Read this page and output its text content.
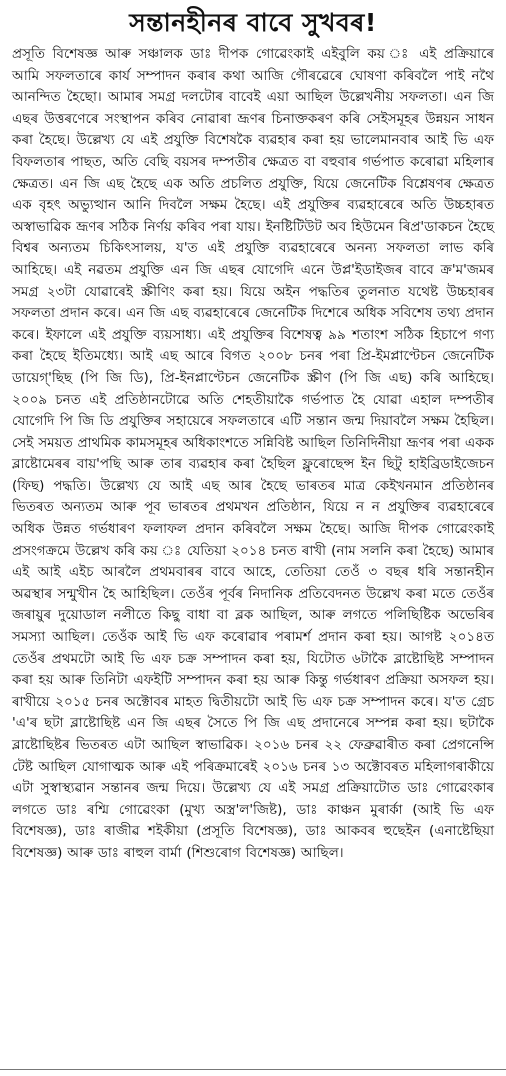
সন্তানহীনৰ বাবে সুখবৰ!

প্ৰসূতি বিশেষজ্ঞ আৰু সঞ্চালক ডাঃ দীপক গোৱেংকাই এইবুলি কয় ঃ এই প্ৰক্ৰিয়াৰে আমি সফলতাৰে কাৰ্য সম্পাদন কৰাৰ কথা আজি গৌৰৱেৰে ঘোষণা কৰিবলৈ পাই নথৈ আনন্দিত হৈছো। আমাৰ সমগ্ৰ দলটোৰ বাবেই এয়া আছিল উল্লেখনীয় সফলতা। এন জি এছৰ উত্তৰণেৰে সংস্থাপন কৰিব নোৱাৰা ভ্ৰূণৰ চিনাক্তকৰণ কৰি সেইসমূহৰ উন্নয়ন সাধন কৰা হৈছে। উল্লেখ্য যে এই প্ৰযুক্তি বিশেষকৈ ব্যৱহাৰ কৰা হয় ভালেমানবাৰ আই ভি এফ বিফলতাৰ পাছত, অতি বেছি বয়সৰ দম্পতীৰ ক্ষেত্ৰত বা বহুবাৰ গৰ্ভপাত কৰোৱা মহিলাৰ ক্ষেত্ৰত। এন জি এছ হৈছে এক অতি প্ৰচলিত প্ৰযুক্তি, যিয়ে জেনেটিক বিশ্লেষণৰ ক্ষেত্ৰত এক বৃহৎ অভ্যুত্থান আনি দিবলৈ সক্ষম হৈছে। এই প্ৰযুক্তিৰ ব্যৱহাৰেৰে অতি উচ্চহাৰত অস্বাভাৱিক ভ্ৰূণৰ সঠিক নিৰ্ণয় কৰিব পৰা যায়। ইনষ্টিটিউট অব হিউমেন ৰিপ্ৰ'ডাকচন হৈছে বিশ্বৰ অন্যতম চিকিৎসালয়, য'ত এই প্ৰযুক্তি ব্যৱহাৰেৰে অনন্য সফলতা লাভ কৰি আহিছে। এই নৱতম প্ৰযুক্তি এন জি এছৰ যোগেদি এনে উপ্ল'ইডাইজৰ বাবে ক্ৰ'ম'জমৰ সমগ্ৰ ২৩টা যোৱাৰেই স্ক্ৰীণিং কৰা হয়। যিয়ে অইন পদ্ধতিৰ তুলনাত যথেষ্ট উচ্চহাৰৰ সফলতা প্ৰদান কৰে। এন জি এছ ব্যৱহাৰেৰে জেনেটিক দিশেৰে অধিক সবিশেষ তথ্য প্ৰদান কৰে। ইফালে এই প্ৰযুক্তি ব্যয়সাধ্য। এই প্ৰযুক্তিৰ বিশেষত্ব ৯৯ শতাংশ সঠিক হিচাপে গণ্য কৰা হৈছে ইতিমধ্যে। আই এছ আৰে বিগত ২০০৮ চনৰ পৰা প্ৰি-ইমপ্লাণ্টেচন জেনেটিক ডায়েগ্'ছিছ (পি জি ডি), প্ৰি-ইনপ্লাণ্টেচন জেনেটিক স্ক্ৰীণ (পি জি এছ) কৰি আহিছে। ২০০৯ চনত এই প্ৰতিষ্ঠানটোৱে অতি শেহতীয়াকৈ গৰ্ভপাত হৈ যোৱা এহাল দম্পতীৰ যোগেদি পি জি ডি প্ৰযুক্তিৰ সহায়েৰে সফলতাৰে এটি সন্তান জন্ম দিয়াবলৈ সক্ষম হৈছিল। সেই সময়ত প্ৰাথমিক কামসমূহৰ অধিকাংশতে সন্নিবিষ্ট আছিল তিনিদিনীয়া ভ্ৰূণৰ পৰা একক ব্লাষ্টোমেৰৰ বায়'পছি আৰু তাৰ ব্যৱহাৰ কৰা হৈছিল ফ্লুৰোছেন্স ইন ছিটু হাইব্ৰিডাইজেচন (ফিছ) পদ্ধতি। উল্লেখ্য যে আই এছ আৰ হৈছে ভাৰতৰ মাত্ৰ কেইখনমান প্ৰতিষ্ঠানৰ ভিতৰত অন্যতম আৰু পূব ভাৰতৰ প্ৰথমখন প্ৰতিষ্ঠান, যিয়ে ন ন প্ৰযুক্তিৰ ব্যৱহাৰেৰে অধিক উন্নত গৰ্ভধাৰণ ফলাফল প্ৰদান কৰিবলৈ সক্ষম হৈছে। আজি দীপক গোৱেংকাই প্ৰসংগক্ৰমে উল্লেখ কৰি কয় ঃ যেতিয়া ২০১৪ চনত ৰাখী (নাম সলনি কৰা হৈছে) আমাৰ এই আই এইচ আৰলৈ প্ৰথমবাৰৰ বাবে আহে, তেতিয়া তেওঁ ৩ বছৰ ধৰি সন্তানহীন অৱস্থাৰ সন্মুখীন হৈ আহিছিল। তেওঁৰ পূৰ্বৰ নিদানিক প্ৰতিবেদনত উল্লেখ কৰা মতে তেওঁৰ জৰায়ুৰ দুয়োডাল নলীতে কিছু বাধা বা ব্লক আছিল, আৰু লগতে পলিছিষ্টিক অভেৰিৰ সমস্যা আছিল। তেওঁক আই ভি এফ কৰোৱাৰ পৰামৰ্শ প্ৰদান কৰা হয়। আগষ্ট ২০১৪ত তেওঁৰ প্ৰথমটো আই ভি এফ চক্ৰ সম্পাদন কৰা হয়, যিটোত ৬টাকৈ ব্লাষ্টোছিষ্ট সম্পাদন কৰা হয় আৰু তিনিটা এফইটি সম্পাদন কৰা হয় আৰু কিন্তু গৰ্ভধাৰণ প্ৰক্ৰিয়া অসফল হয়। ৰাখীয়ে ২০১৫ চনৰ অক্টোবৰ মাহত দ্বিতীয়টো আই ভি এফ চক্ৰ সম্পাদন কৰে। য'ত গ্ৰেচ 'এ'ৰ ছটা ব্লাষ্টোছিষ্ট এন জি এছৰ সৈতে পি জি এছ প্ৰদানেৰে সম্পন্ন কৰা হয়। ছটাকৈ ব্লাষ্টোছিষ্টৰ ভিতৰত এটা আছিল স্বাভাৱিক। ২০১৬ চনৰ ২২ ফেব্ৰুৱাৰীত কৰা প্ৰেগনেন্সি টেষ্ট আছিল যোগাত্মক আৰু এই পৰিক্ৰমাৰেই ২০১৬ চনৰ ১৩ অক্টোবৰত মহিলাগৰাকীয়ে এটা সুস্বাস্থ্যৱান সন্তানৰ জন্ম দিয়ে। উল্লেখ্য যে এই সমগ্ৰ প্ৰক্ৰিয়াটোত ডাঃ গোৱেংকাৰ লগতে ডাঃ ৰশ্মি গোৱেংকা (মুখ্য অস্ত্ৰ'ল'জিষ্ট), ডাঃ কাঞ্চন মুৰাৰ্কা (আই ভি এফ বিশেষজ্ঞ), ডাঃ ৰাজীৱ শইকীয়া (প্ৰসূতি বিশেষজ্ঞ), ডাঃ আকবৰ হুছেইন (এনাষ্টেছিয়া বিশেষজ্ঞ) আৰু ডাঃ ৰাহুল বাৰ্মা (শিশুৰোগ বিশেষজ্ঞ) আছিল।
